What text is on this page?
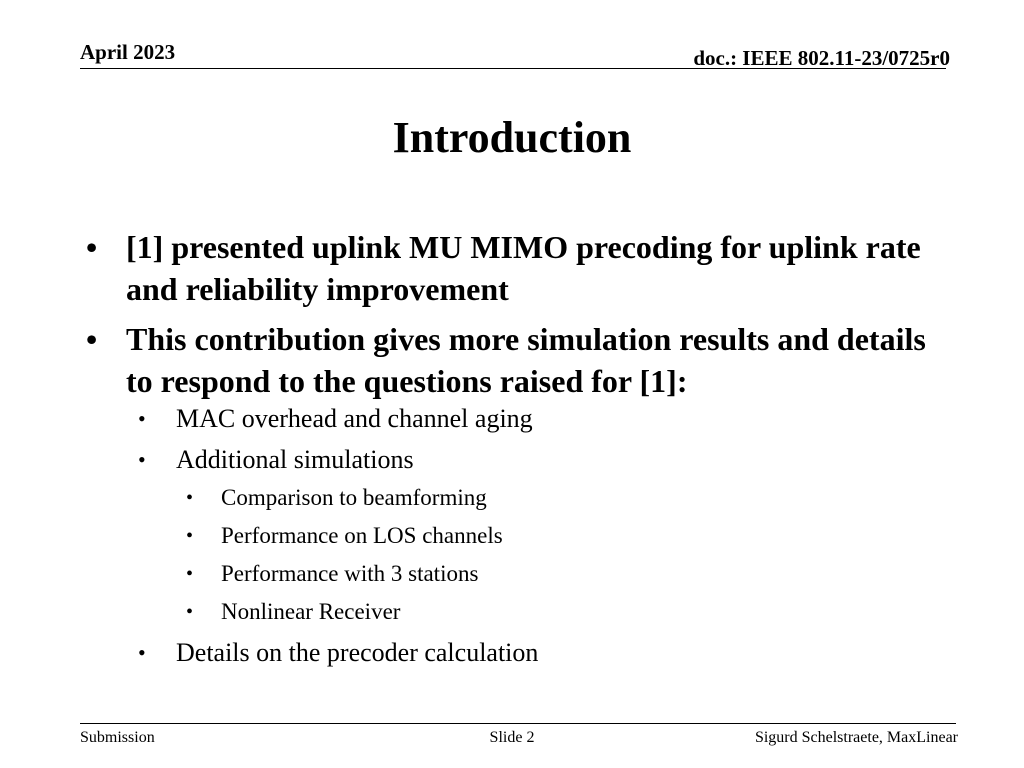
April 2023	doc.: IEEE 802.11-23/0725r0
Introduction
• [1] presented uplink MU MIMO precoding for uplink rate and reliability improvement
• This contribution gives more simulation results and details to respond to the questions raised for [1]:
• MAC overhead and channel aging
• Additional simulations
• Comparison to beamforming
• Performance on LOS channels
• Performance with 3 stations
• Nonlinear Receiver
• Details on the precoder calculation
Submission	Slide 2	Sigurd Schelstraete, MaxLinear
